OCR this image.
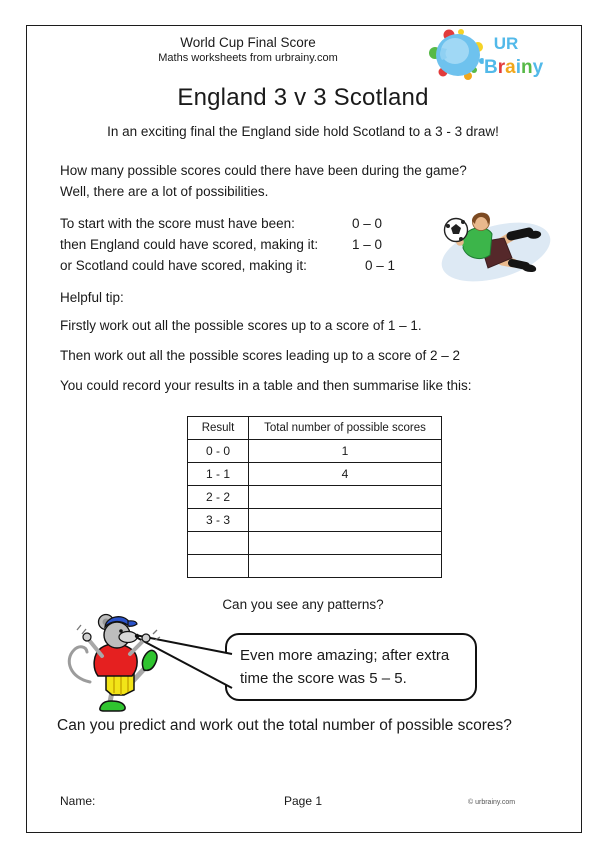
World Cup Final Score
Maths worksheets from urbrainy.com
UR
Brainy
England 3 v 3 Scotland
In an exciting final the England side hold Scotland to a 3 - 3 draw!
How many possible scores could there have been during the game?
Well, there are a lot of possibilities.
To start with the score must have been:	0 – 0
then England could have scored, making it:	1 – 0
or Scotland could have scored, making it:	0 – 1
Helpful tip:
Firstly work out all the possible scores up to a score of 1 – 1.
Then work out all the possible scores leading up to a score of 2 – 2
You could record your results in a table and then summarise like this:
Result	Total number of possible scores
0 - 0	1
1 - 1	4
2 - 2	
3 - 3	

Can you see any patterns?
Even more amazing; after extra time the score was 5 – 5.
Can you predict and work out the total number of possible scores?
Name:	Page 1	© urbrainy.com
